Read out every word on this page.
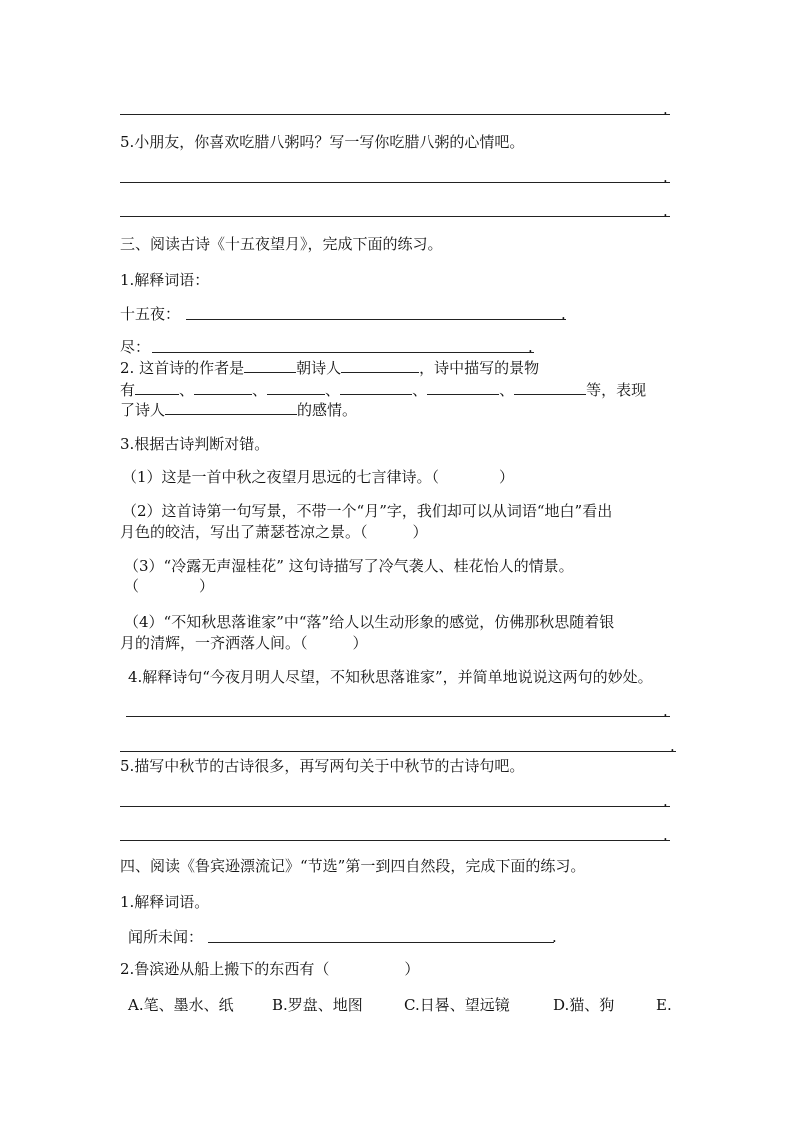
.
5.小朋友，你喜欢吃腊八粥吗？写一写你吃腊八粥的心情吧。
.
.
三、阅读古诗《十五夜望月》，完成下面的练习。
1.解释词语：
十五夜：	.
尽：	.
2. 这首诗的作者是	朝诗人	，诗中描写的景物
有	、	、	、	、	、	等，表现
了诗人	的感情。
3.根据古诗判断对错。
（1）这是一首中秋之夜望月思远的七言律诗。（　　　　）
（2）这首诗第一句写景，不带一个“月”字，我们却可以从词语“地白”看出
月色的皎洁，写出了萧瑟苍凉之景。（　　　）
（3）“冷露无声湿桂花” 这句诗描写了冷气袭人、桂花怡人的情景。
（　　　　）
（4）“不知秋思落谁家”中“落”给人以生动形象的感觉，仿佛那秋思随着银
月的清辉，一齐洒落人间。（　　　）
4.解释诗句“今夜月明人尽望，不知秋思落谁家”，并简单地说说这两句的妙处。
.
.
5.描写中秋节的古诗很多，再写两句关于中秋节的古诗句吧。
.
.
四、阅读《鲁宾逊漂流记》“节选”第一到四自然段，完成下面的练习。
1.解释词语。
闻所未闻：	.
2.鲁滨逊从船上搬下的东西有（　　　　　）
A.笔、墨水、纸	B.罗盘、地图	C.日晷、望远镜	D.猫、狗	E.
